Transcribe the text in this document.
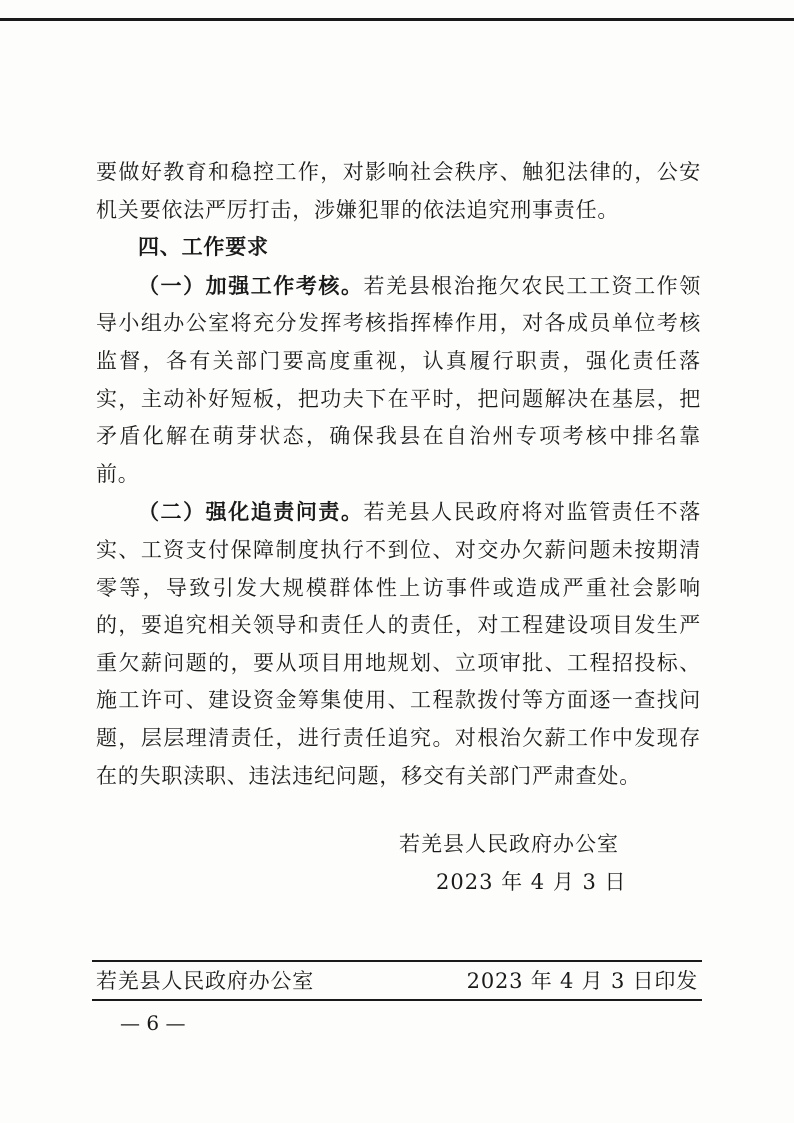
要做好教育和稳控工作，对影响社会秩序、触犯法律的，公安机关要依法严厉打击，涉嫌犯罪的依法追究刑事责任。

四、工作要求

（一）加强工作考核。若羌县根治拖欠农民工工资工作领导小组办公室将充分发挥考核指挥棒作用，对各成员单位考核监督，各有关部门要高度重视，认真履行职责，强化责任落实，主动补好短板，把功夫下在平时，把问题解决在基层，把矛盾化解在萌芽状态，确保我县在自治州专项考核中排名靠前。

（二）强化追责问责。若羌县人民政府将对监管责任不落实、工资支付保障制度执行不到位、对交办欠薪问题未按期清零等，导致引发大规模群体性上访事件或造成严重社会影响的，要追究相关领导和责任人的责任，对工程建设项目发生严重欠薪问题的，要从项目用地规划、立项审批、工程招投标、施工许可、建设资金筹集使用、工程款拨付等方面逐一查找问题，层层理清责任，进行责任追究。对根治欠薪工作中发现存在的失职渎职、违法违纪问题，移交有关部门严肃查处。

若羌县人民政府办公室
2023 年 4 月 3 日
若羌县人民政府办公室	2023 年 4 月 3 日印发
— 6 —
